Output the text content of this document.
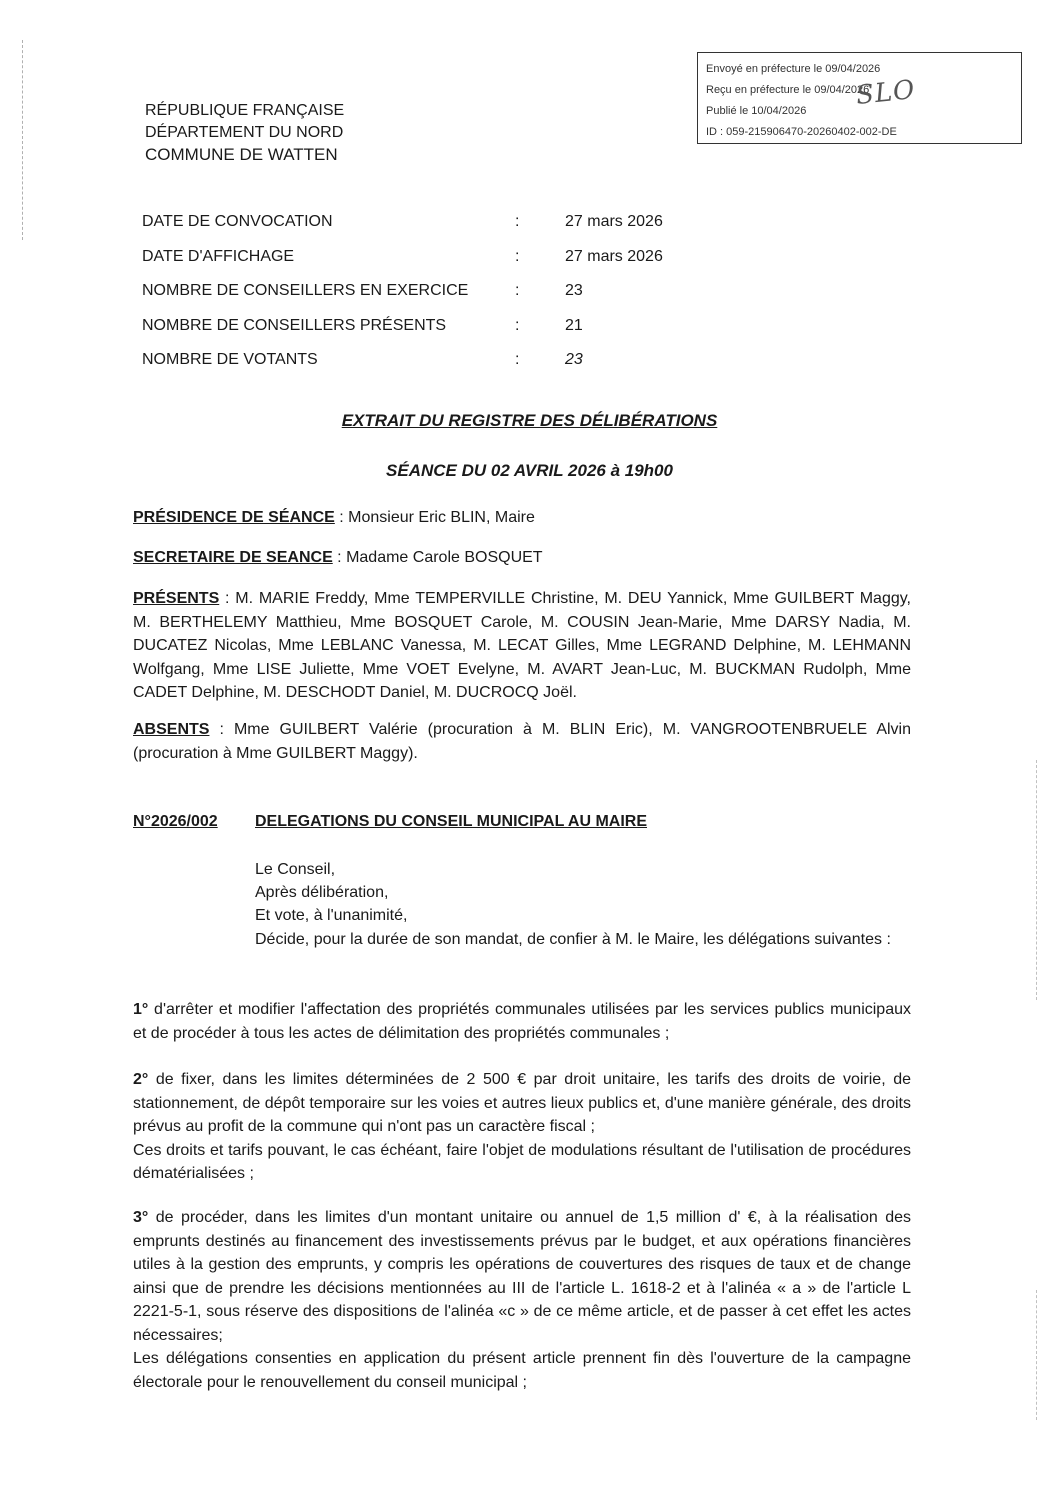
Envoyé en préfecture le 09/04/2026
Reçu en préfecture le 09/04/2026
Publié le 10/04/2026
ID : 059-215906470-20260402-002-DE
SLO
RÉPUBLIQUE FRANÇAISE
DÉPARTEMENT DU NORD
COMMUNE DE WATTEN
DATE DE CONVOCATION	:	27 mars 2026
DATE D'AFFICHAGE	:	27 mars 2026
NOMBRE DE CONSEILLERS EN EXERCICE	:	23
NOMBRE DE CONSEILLERS PRÉSENTS	:	21
NOMBRE DE VOTANTS	:	23
EXTRAIT DU REGISTRE DES DÉLIBÉRATIONS
SÉANCE DU 02 AVRIL 2026 à 19h00
PRÉSIDENCE DE SÉANCE : Monsieur Eric BLIN, Maire
SECRETAIRE DE SEANCE : Madame Carole BOSQUET
PRÉSENTS : M. MARIE Freddy, Mme TEMPERVILLE Christine, M. DEU Yannick, Mme GUILBERT Maggy, M. BERTHELEMY Matthieu, Mme BOSQUET Carole, M. COUSIN Jean-Marie, Mme DARSY Nadia, M. DUCATEZ Nicolas, Mme LEBLANC Vanessa, M. LECAT Gilles, Mme LEGRAND Delphine, M. LEHMANN Wolfgang, Mme LISE Juliette, Mme VOET Evelyne, M. AVART Jean-Luc, M. BUCKMAN Rudolph, Mme CADET Delphine, M. DESCHODT Daniel, M. DUCROCQ Joël.
ABSENTS : Mme GUILBERT Valérie (procuration à M. BLIN Eric), M. VANGROOTENBRUELE Alvin (procuration à Mme GUILBERT Maggy).
N°2026/002 DELEGATIONS DU CONSEIL MUNICIPAL AU MAIRE
Le Conseil,
Après délibération,
Et vote, à l'unanimité,
Décide, pour la durée de son mandat, de confier à M. le Maire, les délégations suivantes :
1° d'arrêter et modifier l'affectation des propriétés communales utilisées par les services publics municipaux et de procéder à tous les actes de délimitation des propriétés communales ;

2° de fixer, dans les limites déterminées de 2 500 € par droit unitaire, les tarifs des droits de voirie, de stationnement, de dépôt temporaire sur les voies et autres lieux publics et, d'une manière générale, des droits prévus au profit de la commune qui n'ont pas un caractère fiscal ;

Ces droits et tarifs pouvant, le cas échéant, faire l'objet de modulations résultant de l'utilisation de procédures dématérialisées ;

3° de procéder, dans les limites d'un montant unitaire ou annuel de 1,5 million d' €, à la réalisation des emprunts destinés au financement des investissements prévus par le budget, et aux opérations financières utiles à la gestion des emprunts, y compris les opérations de couvertures des risques de taux et de change ainsi que de prendre les décisions mentionnées au III de l'article L. 1618-2 et à l'alinéa « a » de l'article L 2221-5-1, sous réserve des dispositions de l'alinéa «c » de ce même article, et de passer à cet effet les actes nécessaires;

Les délégations consenties en application du présent article prennent fin dès l'ouverture de la campagne électorale pour le renouvellement du conseil municipal ;
